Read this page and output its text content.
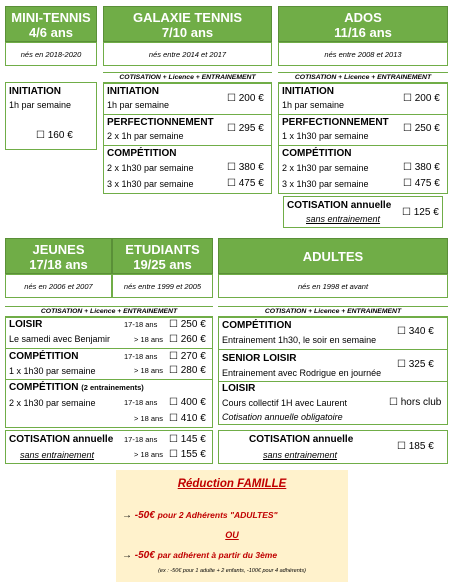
MINI-TENNIS
4/6 ans
nés en 2018-2020
GALAXIE TENNIS
7/10 ans
nés entre 2014 et 2017
ADOS
11/16 ans
nés entre 2008 et 2013
COTISATION + Licence + ENTRAINEMENT	COTISATION + Licence + ENTRAINEMENT
INITIATION
1h par semaine
☐ 160 €
INITIATION
1h par semaine
☐ 200 €
PERFECTIONNEMENT
2 x 1h par semaine
☐ 295 €
COMPÉTITION
2 x 1h30 par semaine	☐ 380 €
3 x 1h30 par semaine	☐ 475 €
INITIATION
1h par semaine
☐ 200 €
PERFECTIONNEMENT
1 x 1h30 par semaine
☐ 250 €
COMPÉTITION
2 x 1h30 par semaine	☐ 380 €
3 x 1h30 par semaine	☐ 475 €
COTISATION annuelle
sans entrainement
☐ 125 €
JEUNES
17/18 ans
ETUDIANTS
19/25 ans
nés en 2006 et 2007	nés entre 1999 et 2005
ADULTES
nés en 1998 et avant
COTISATION + Licence + ENTRAINEMENT	COTISATION + Licence + ENTRAINEMENT
LOISIR
Le samedi avec Benjamir
17-18 ans ☐ 250 €
> 18 ans ☐ 260 €
COMPÉTITION
1 x 1h30 par semaine
17-18 ans ☐ 270 €
> 18 ans ☐ 280 €
COMPÉTITION (2 entrainements)
2 x 1h30 par semaine	17-18 ans ☐ 400 €
> 18 ans ☐ 410 €
COTISATION annuelle
sans entrainement
17-18 ans ☐ 145 €
> 18 ans ☐ 155 €
COMPÉTITION
Entrainement 1h30, le soir en semaine
☐ 340 €
SENIOR LOISIR
Entrainement avec Rodrigue en journée
☐ 325 €
LOISIR
Cours collectif 1H avec Laurent
Cotisation annuelle obligatoire
☐ hors club
COTISATION annuelle
sans entrainement
☐ 185 €
Réduction FAMILLE
→ -50€ pour 2 Adhérents "ADULTES"
OU
→ -50€ par adhérent à partir du 3ème
(ex : -50€ pour 1 adulte + 2 enfants, -100€ pour 4 adhérents)
